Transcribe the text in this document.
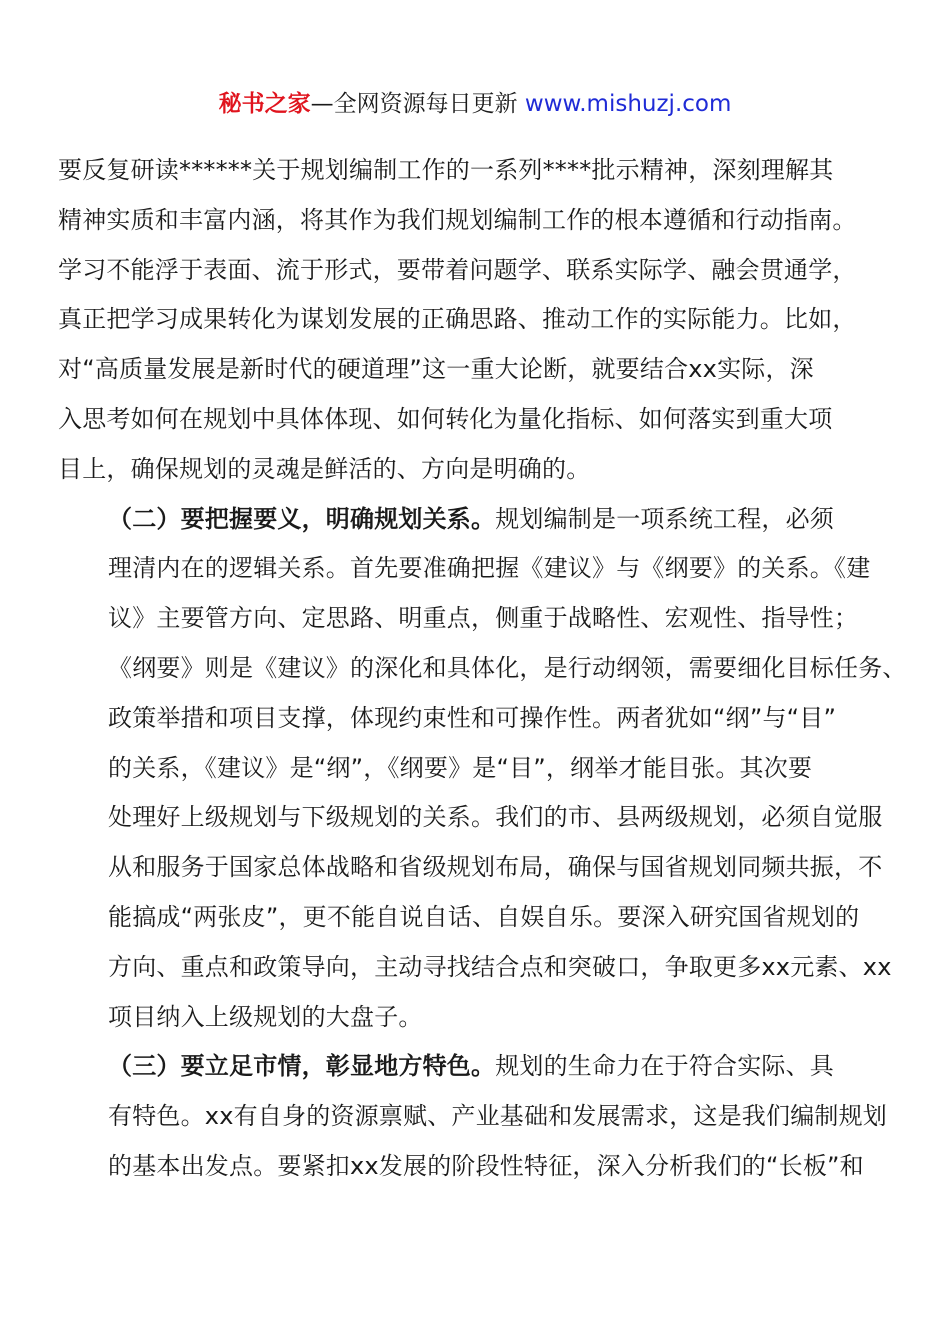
秘书之家—全网资源每日更新 www.mishuzj.com

要反复研读******关于规划编制工作的一系列****批示精神，深刻理解其
精神实质和丰富内涵，将其作为我们规划编制工作的根本遵循和行动指南。
学习不能浮于表面、流于形式，要带着问题学、联系实际学、融会贯通学，
真正把学习成果转化为谋划发展的正确思路、推动工作的实际能力。比如，
对“高质量发展是新时代的硬道理”这一重大论断，就要结合xx实际，深
入思考如何在规划中具体体现、如何转化为量化指标、如何落实到重大项
目上，确保规划的灵魂是鲜活的、方向是明确的。

（二）要把握要义，明确规划关系。规划编制是一项系统工程，必须
理清内在的逻辑关系。首先要准确把握《建议》与《纲要》的关系。《建
议》主要管方向、定思路、明重点，侧重于战略性、宏观性、指导性；
《纲要》则是《建议》的深化和具体化，是行动纲领，需要细化目标任务、
政策举措和项目支撑，体现约束性和可操作性。两者犹如“纲”与“目”
的关系，《建议》是“纲”，《纲要》是“目”，纲举才能目张。其次要
处理好上级规划与下级规划的关系。我们的市、县两级规划，必须自觉服
从和服务于国家总体战略和省级规划布局，确保与国省规划同频共振，不
能搞成“两张皮”，更不能自说自话、自娱自乐。要深入研究国省规划的
方向、重点和政策导向，主动寻找结合点和突破口，争取更多xx元素、xx
项目纳入上级规划的大盘子。

（三）要立足市情，彰显地方特色。规划的生命力在于符合实际、具
有特色。xx有自身的资源禀赋、产业基础和发展需求，这是我们编制规划
的基本出发点。要紧扣xx发展的阶段性特征，深入分析我们的“长板”和
